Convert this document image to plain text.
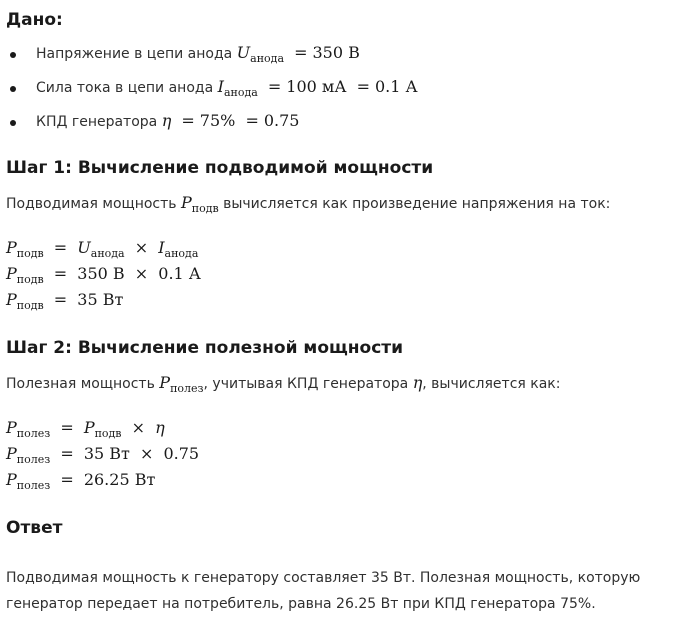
Дано:
Напряжение в цепи анода $U_{анода} = 350$ В
Сила тока в цепи анода $I_{анода} = 100$ мА = 0.1 А
КПД генератора η = 75% = 0.75
Шаг 1: Вычисление подводимой мощности

Подводимая мощность $P_{подв}$ вычисляется как произведение напряжения на ток:

$P_{подв} = U_{анода} \times I_{анода}$
$P_{подв} = 350$ В × 0.1 А
$P_{подв} = 35$ Вт
Шаг 2: Вычисление полезной мощности

Полезная мощность $P_{полез}$, учитывая КПД генератора η, вычисляется как:

$P_{полез} = P_{подв} \times \eta$
$P_{полез} = 35$ Вт × 0.75
$P_{полез} = 26.25$ Вт
Ответ

Подводимая мощность к генератору составляет 35 Вт. Полезная мощность, которую генератор передает на потребитель, равна 26.25 Вт при КПД генератора 75%.
